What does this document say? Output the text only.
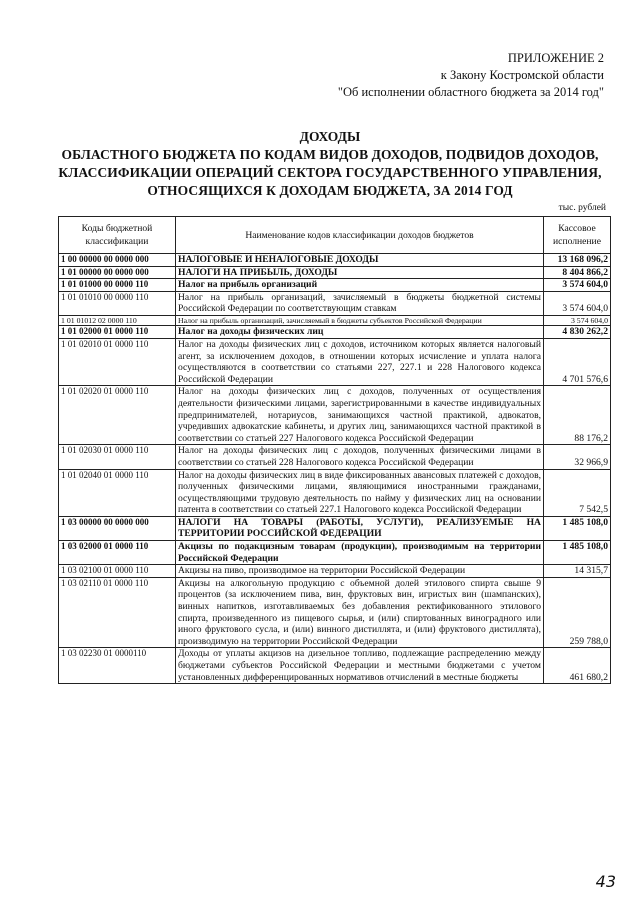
ПРИЛОЖЕНИЕ 2
к Закону Костромской области
"Об исполнении областного бюджета за 2014 год"
ДОХОДЫ
ОБЛАСТНОГО БЮДЖЕТА ПО КОДАМ ВИДОВ ДОХОДОВ, ПОДВИДОВ ДОХОДОВ,
КЛАССИФИКАЦИИ ОПЕРАЦИЙ СЕКТОРА ГОСУДАРСТВЕННОГО УПРАВЛЕНИЯ,
ОТНОСЯЩИХСЯ К ДОХОДАМ БЮДЖЕТА, ЗА 2014 ГОД
тыс. рублей
Коды бюджетной классификации	Наименование кодов классификации доходов бюджетов	Кассовое исполнение
1 00 00000 00 0000 000	НАЛОГОВЫЕ И НЕНАЛОГОВЫЕ ДОХОДЫ	13 168 096,2
1 01 00000 00 0000 000	НАЛОГИ НА ПРИБЫЛЬ, ДОХОДЫ	8 404 866,2
1 01 01000 00 0000 110	Налог на прибыль организаций	3 574 604,0
1 01 01010 00 0000 110	Налог на прибыль организаций, зачисляемый в бюджеты бюджетной системы Российской Федерации по соответствующим ставкам	3 574 604,0
1 01 01012 02 0000 110	Налог на прибыль организаций, зачисляемый в бюджеты субъектов Российской Федерации	3 574 604,0
1 01 02000 01 0000 110	Налог на доходы физических лиц	4 830 262,2
1 01 02010 01 0000 110	Налог на доходы физических лиц с доходов, источником которых является налоговый агент, за исключением доходов, в отношении которых исчисление и уплата налога осуществляются в соответствии со статьями 227, 227.1 и 228 Налогового кодекса Российской Федерации	4 701 576,6
1 01 02020 01 0000 110	Налог на доходы физических лиц с доходов, полученных от осуществления деятельности физическими лицами, зарегистрированными в качестве индивидуальных предпринимателей, нотариусов, занимающихся частной практикой, адвокатов, учредивших адвокатские кабинеты, и других лиц, занимающихся частной практикой в соответствии со статьей 227 Налогового кодекса Российской Федерации	88 176,2
1 01 02030 01 0000 110	Налог на доходы физических лиц с доходов, полученных физическими лицами в соответствии со статьей 228 Налогового кодекса Российской Федерации	32 966,9
1 01 02040 01 0000 110	Налог на доходы физических лиц в виде фиксированных авансовых платежей с доходов, полученных физическими лицами, являющимися иностранными гражданами, осуществляющими трудовую деятельность по найму у физических лиц на основании патента в соответствии со статьей 227.1 Налогового кодекса Российской Федерации	7 542,5
1 03 00000 00 0000 000	НАЛОГИ НА ТОВАРЫ (РАБОТЫ, УСЛУГИ), РЕАЛИЗУЕМЫЕ НА ТЕРРИТОРИИ РОССИЙСКОЙ ФЕДЕРАЦИИ	1 485 108,0
1 03 02000 01 0000 110	Акцизы по подакцизным товарам (продукции), производимым на территории Российской Федерации	1 485 108,0
1 03 02100 01 0000 110	Акцизы на пиво, производимое на территории Российской Федерации	14 315,7
1 03 02110 01 0000 110	Акцизы на алкогольную продукцию с объемной долей этилового спирта свыше 9 процентов (за исключением пива, вин, фруктовых вин, игристых вин (шампанских), винных напитков, изготавливаемых без добавления ректификованного этилового спирта, произведенного из пищевого сырья, и (или) спиртованных виноградного или иного фруктового сусла, и (или) винного дистиллята, и (или) фруктового дистиллята), производимую на территории Российской Федерации	259 788,0
1 03 02230 01 0000110	Доходы от уплаты акцизов на дизельное топливо, подлежащие распределению между бюджетами субъектов Российской Федерации и местными бюджетами с учетом установленных дифференцированных нормативов отчислений в местные бюджеты	461 680,2
43
